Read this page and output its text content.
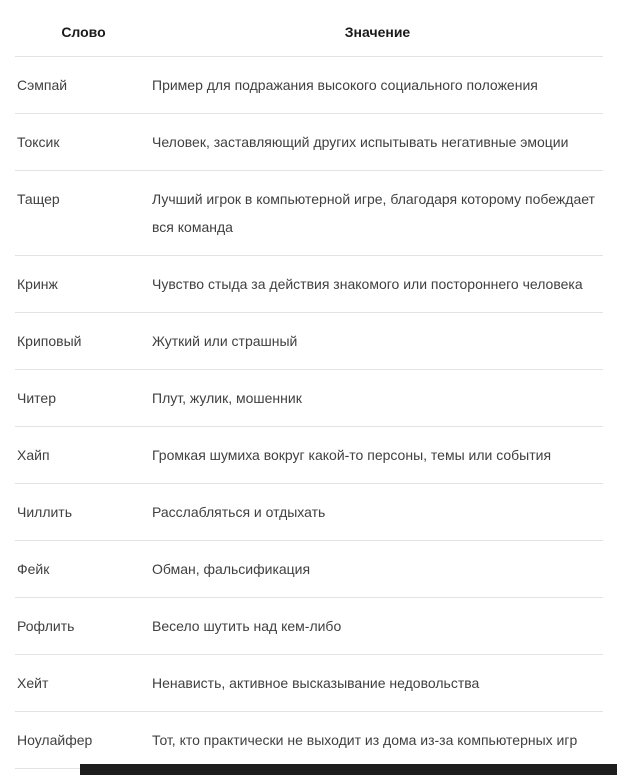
Слово	Значение
Сэмпай	Пример для подражания высокого социального положения
Токсик	Человек, заставляющий других испытывать негативные эмоции
Тащер	Лучший игрок в компьютерной игре, благодаря которому побеждает вся команда
Кринж	Чувство стыда за действия знакомого или постороннего человека
Криповый	Жуткий или страшный
Читер	Плут, жулик, мошенник
Хайп	Громкая шумиха вокруг какой-то персоны, темы или события
Чиллить	Расслабляться и отдыхать
Фейк	Обман, фальсификация
Рофлить	Весело шутить над кем-либо
Хейт	Ненависть, активное высказывание недовольства
Ноулайфер	Тот, кто практически не выходит из дома из-за компьютерных игр
